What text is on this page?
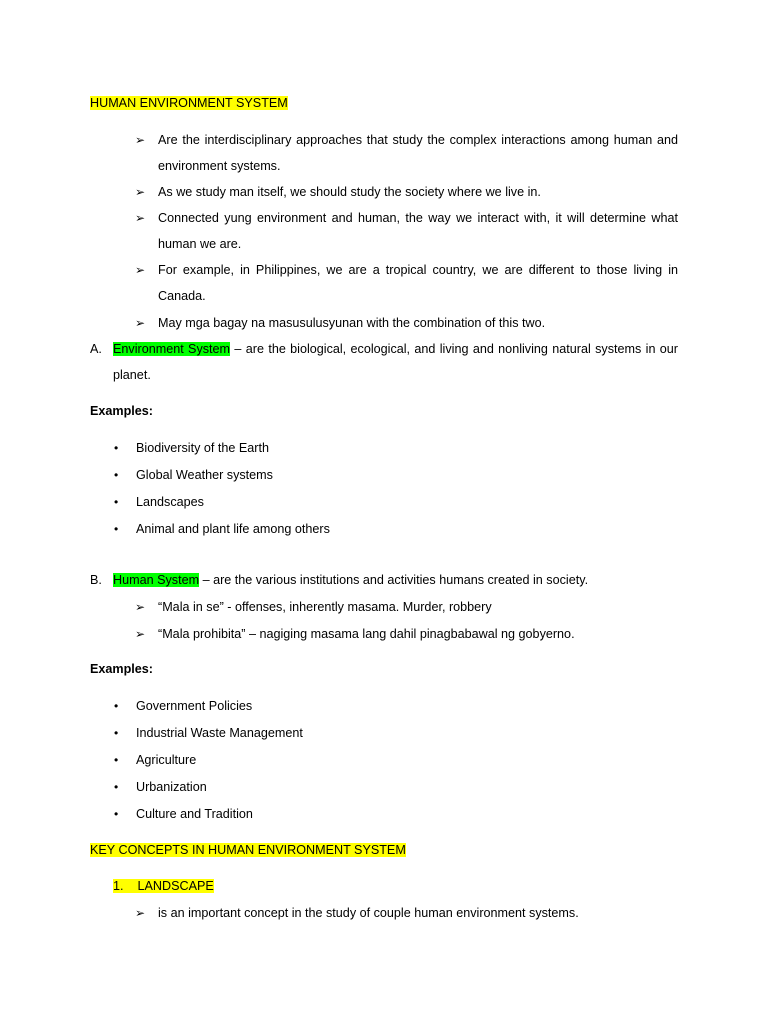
HUMAN ENVIRONMENT SYSTEM
➢ Are the interdisciplinary approaches that study the complex interactions among human and
environment systems.
➢ As we study man itself, we should study the society where we live in.
➢ Connected yung environment and human, the way we interact with, it will determine what
human we are.
➢ For example, in Philippines, we are a tropical country, we are different to those living in
Canada.
➢ May mga bagay na masusulusyunan with the combination of this two.
A. Environment System – are the biological, ecological, and living and nonliving natural systems in our
planet.
Examples:
• Biodiversity of the Earth
• Global Weather systems
• Landscapes
• Animal and plant life among others
B. Human System – are the various institutions and activities humans created in society.
➢ “Mala in se” - offenses, inherently masama. Murder, robbery
➢ “Mala prohibita” – nagiging masama lang dahil pinagbabawal ng gobyerno.
Examples:
• Government Policies
• Industrial Waste Management
• Agriculture
• Urbanization
• Culture and Tradition
KEY CONCEPTS IN HUMAN ENVIRONMENT SYSTEM
1. LANDSCAPE
➢ is an important concept in the study of couple human environment systems.
